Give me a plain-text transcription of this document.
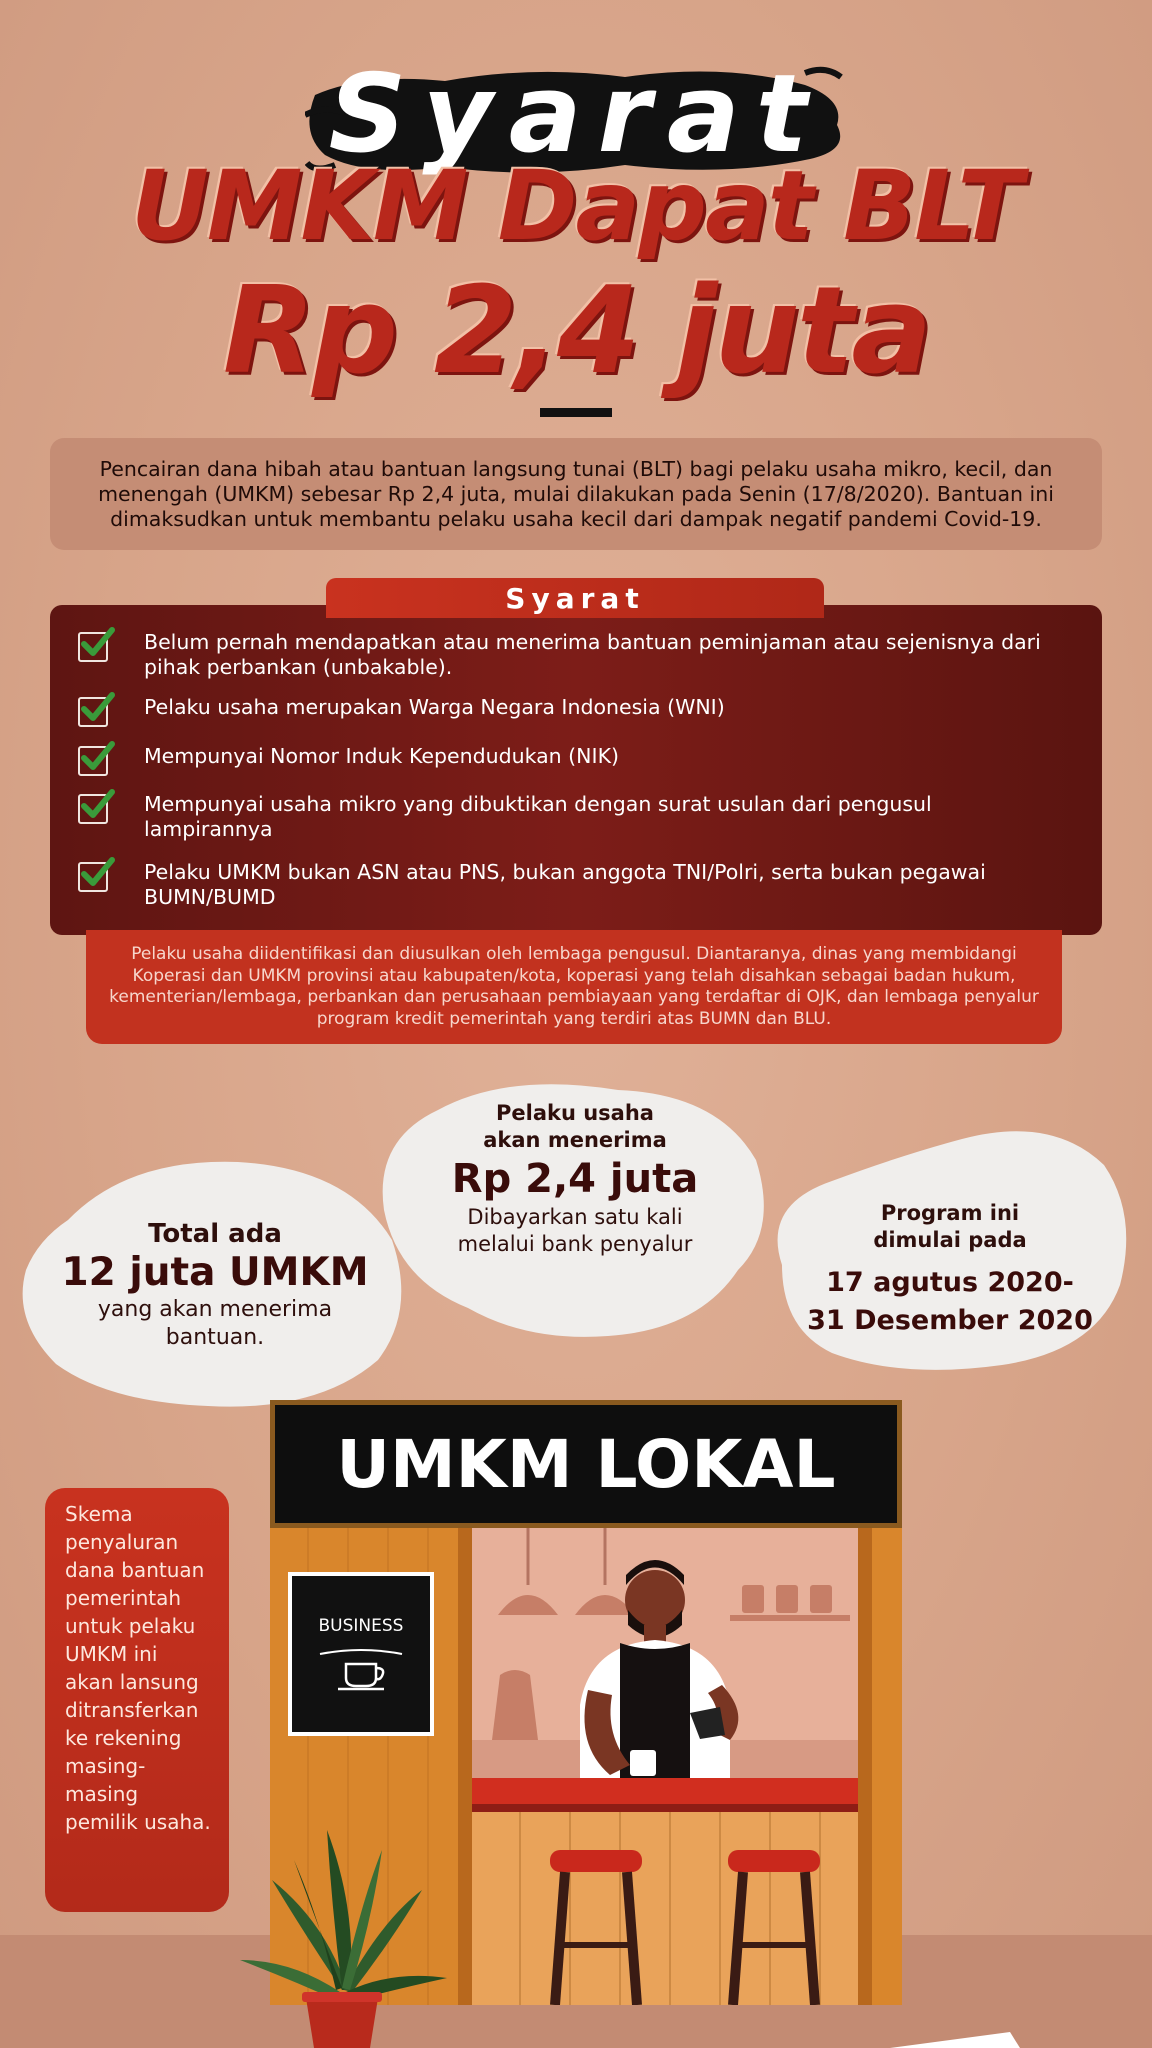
Syarat
UMKM Dapat BLT
Rp 2,4 juta
Pencairan dana hibah atau bantuan langsung tunai (BLT) bagi pelaku usaha mikro, kecil, dan menengah (UMKM) sebesar Rp 2,4 juta, mulai dilakukan pada Senin (17/8/2020). Bantuan ini dimaksudkan untuk membantu pelaku usaha kecil dari dampak negatif pandemi Covid-19.
Syarat
Belum pernah mendapatkan atau menerima bantuan peminjaman atau sejenisnya dari pihak perbankan (unbakable).
Pelaku usaha merupakan Warga Negara Indonesia (WNI)
Mempunyai Nomor Induk Kependudukan (NIK)
Mempunyai usaha mikro yang dibuktikan dengan surat usulan dari pengusul lampirannya
Pelaku UMKM bukan ASN atau PNS, bukan anggota TNI/Polri, serta bukan pegawai BUMN/BUMD
Pelaku usaha diidentifikasi dan diusulkan oleh lembaga pengusul. Diantaranya, dinas yang membidangi Koperasi dan UMKM provinsi atau kabupaten/kota, koperasi yang telah disahkan sebagai badan hukum, kementerian/lembaga, perbankan dan perusahaan pembiayaan yang terdaftar di OJK, dan lembaga penyalur program kredit pemerintah yang terdiri atas BUMN dan BLU.
Pelaku usaha
akan menerima
Rp 2,4 juta
Dibayarkan satu kali
melalui bank penyalur
Total ada
12 juta UMKM
yang akan menerima
bantuan.
Program ini
dimulai pada
17 agutus 2020-
31 Desember 2020
UMKM LOKAL
BUSINESS
Skema penyaluran dana bantuan pemerintah untuk pelaku UMKM ini akan lansung ditransferkan ke rekening masing-masing pemilik usaha.
